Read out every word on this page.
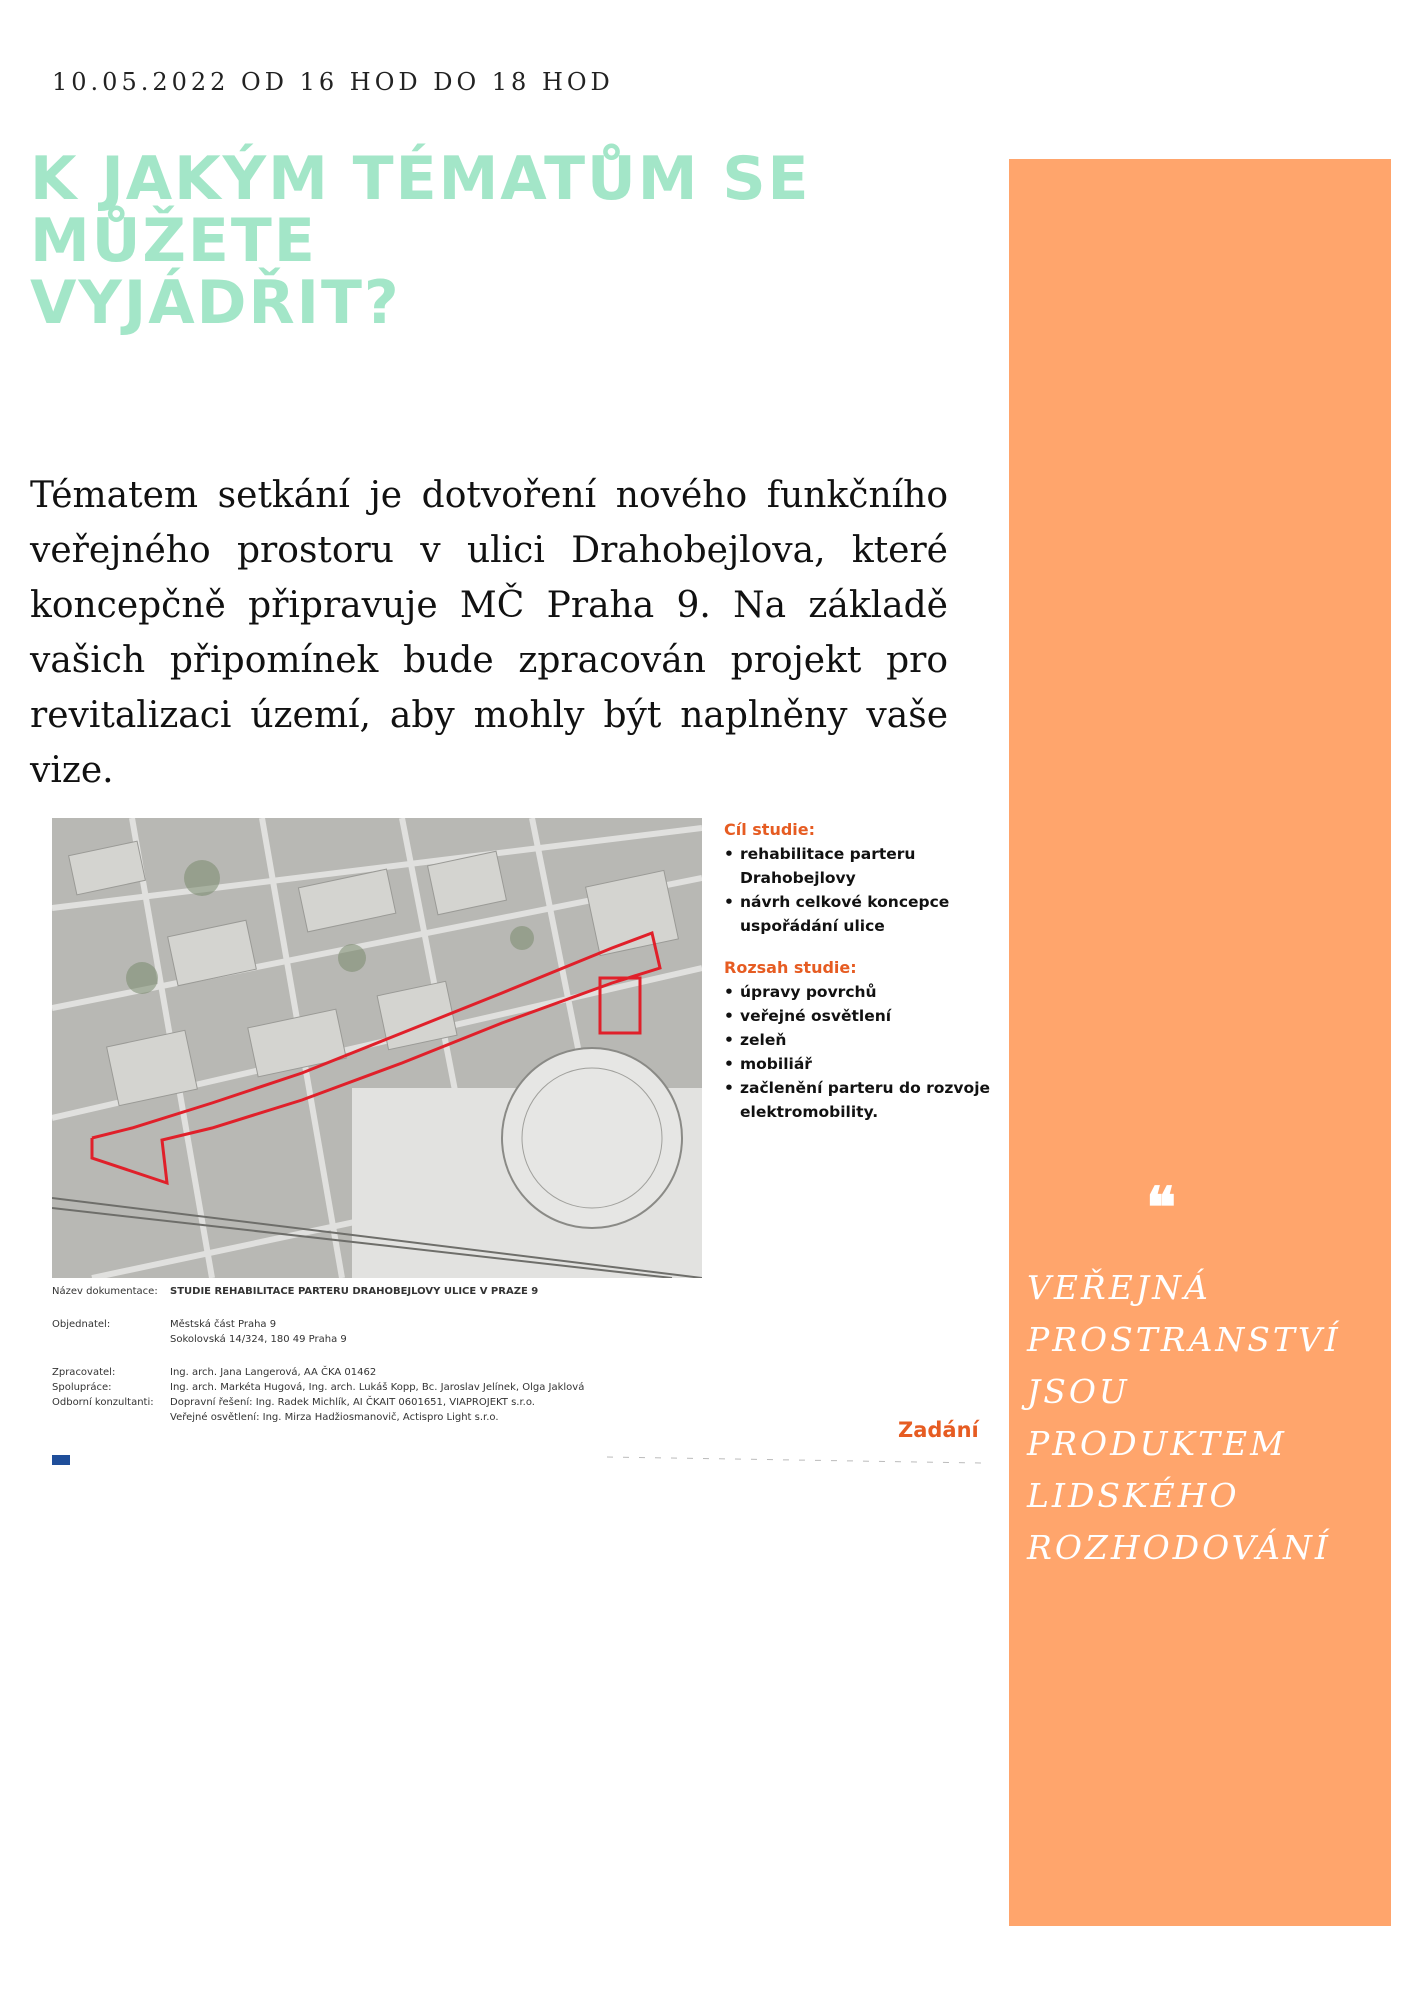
10.05.2022 OD 16 HOD DO 18 HOD
K JAKÝM TÉMATŮM SE MŮŽETE
VYJÁDŘIT?

Tématem setkání je dotvoření nového funkčního veřejného prostoru v ulici Drahobejlova, které koncepčně připravuje MČ Praha 9. Na základě vašich připomínek bude zpracován projekt pro revitalizaci území, aby mohly být naplněny vaše vize.

Cíl studie:
• rehabilitace parteru Drahobejlovy
• návrh celkové koncepce uspořádání ulice
Rozsah studie:
• úpravy povrchů
• veřejné osvětlení
• zeleň
• mobiliář
• začlenění parteru do rozvoje elektromobility.
Název dokumentace:	STUDIE REHABILITACE PARTERU DRAHOBEJLOVY ULICE V PRAZE 9
Objednatel:	Městská část Praha 9
Sokolovská 14/324, 180 49 Praha 9
Zpracovatel:	Ing. arch. Jana Langerová, AA ČKA 01462
Spolupráce:	Ing. arch. Markéta Hugová, Ing. arch. Lukáš Kopp, Bc. Jaroslav Jelínek, Olga Jaklová
Odborní konzultanti:	Dopravní řešení: Ing. Radek Michlík, AI ČKAIT 0601651, VIAPROJEKT s.r.o.
Veřejné osvětlení: Ing. Mirza Hadžiosmanovič, Actispro Light s.r.o.
Zadání
❝
VEŘEJNÁ
PROSTRANSTVÍ
JSOU
PRODUKTEM
LIDSKÉHO
ROZHODOVÁNÍ
